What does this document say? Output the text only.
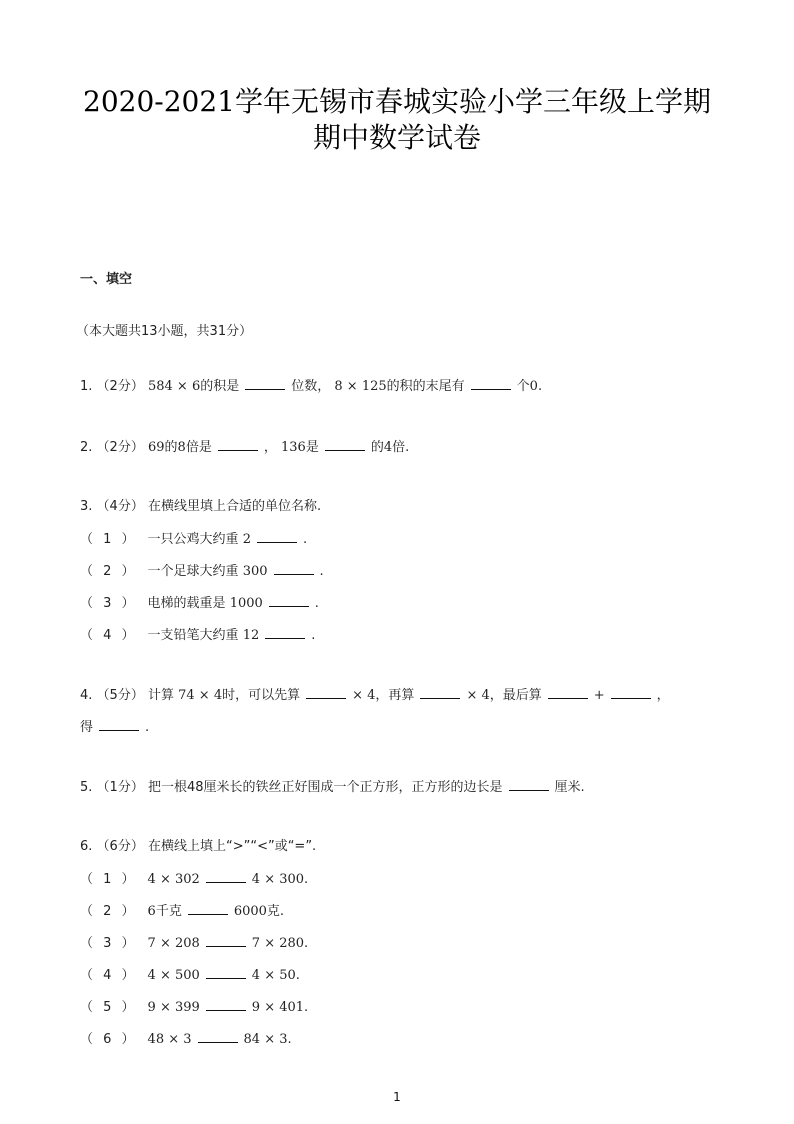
2020-2021学年无锡市春城实验小学三年级上学期
期中数学试卷
一、填空
（本大题共13小题，共31分）
1. （2分） 584 × 6的积是	位数， 8 × 125的积的末尾有	个0.
2. （2分） 69的8倍是	， 136是	的4倍.
3. （4分） 在横线里填上合适的单位名称.
（ 1 ） 一只公鸡大约重 2	.
（ 2 ） 一个足球大约重 300	.
（ 3 ） 电梯的载重是 1000	.
（ 4 ） 一支铅笔大约重 12	.
4. （5分） 计算 74 × 4时，可以先算	× 4，再算	× 4，最后算	+	，
得	.
5. （1分） 把一根48厘米长的铁丝正好围成一个正方形，正方形的边长是	厘米.
6. （6分） 在横线上填上“>”“<”或“=”.
（ 1 ） 4 × 302	4 × 300.
（ 2 ） 6千克	6000克.
（ 3 ） 7 × 208	7 × 280.
（ 4 ） 4 × 500	4 × 50.
（ 5 ） 9 × 399	9 × 401.
（ 6 ） 48 × 3	84 × 3.
1
